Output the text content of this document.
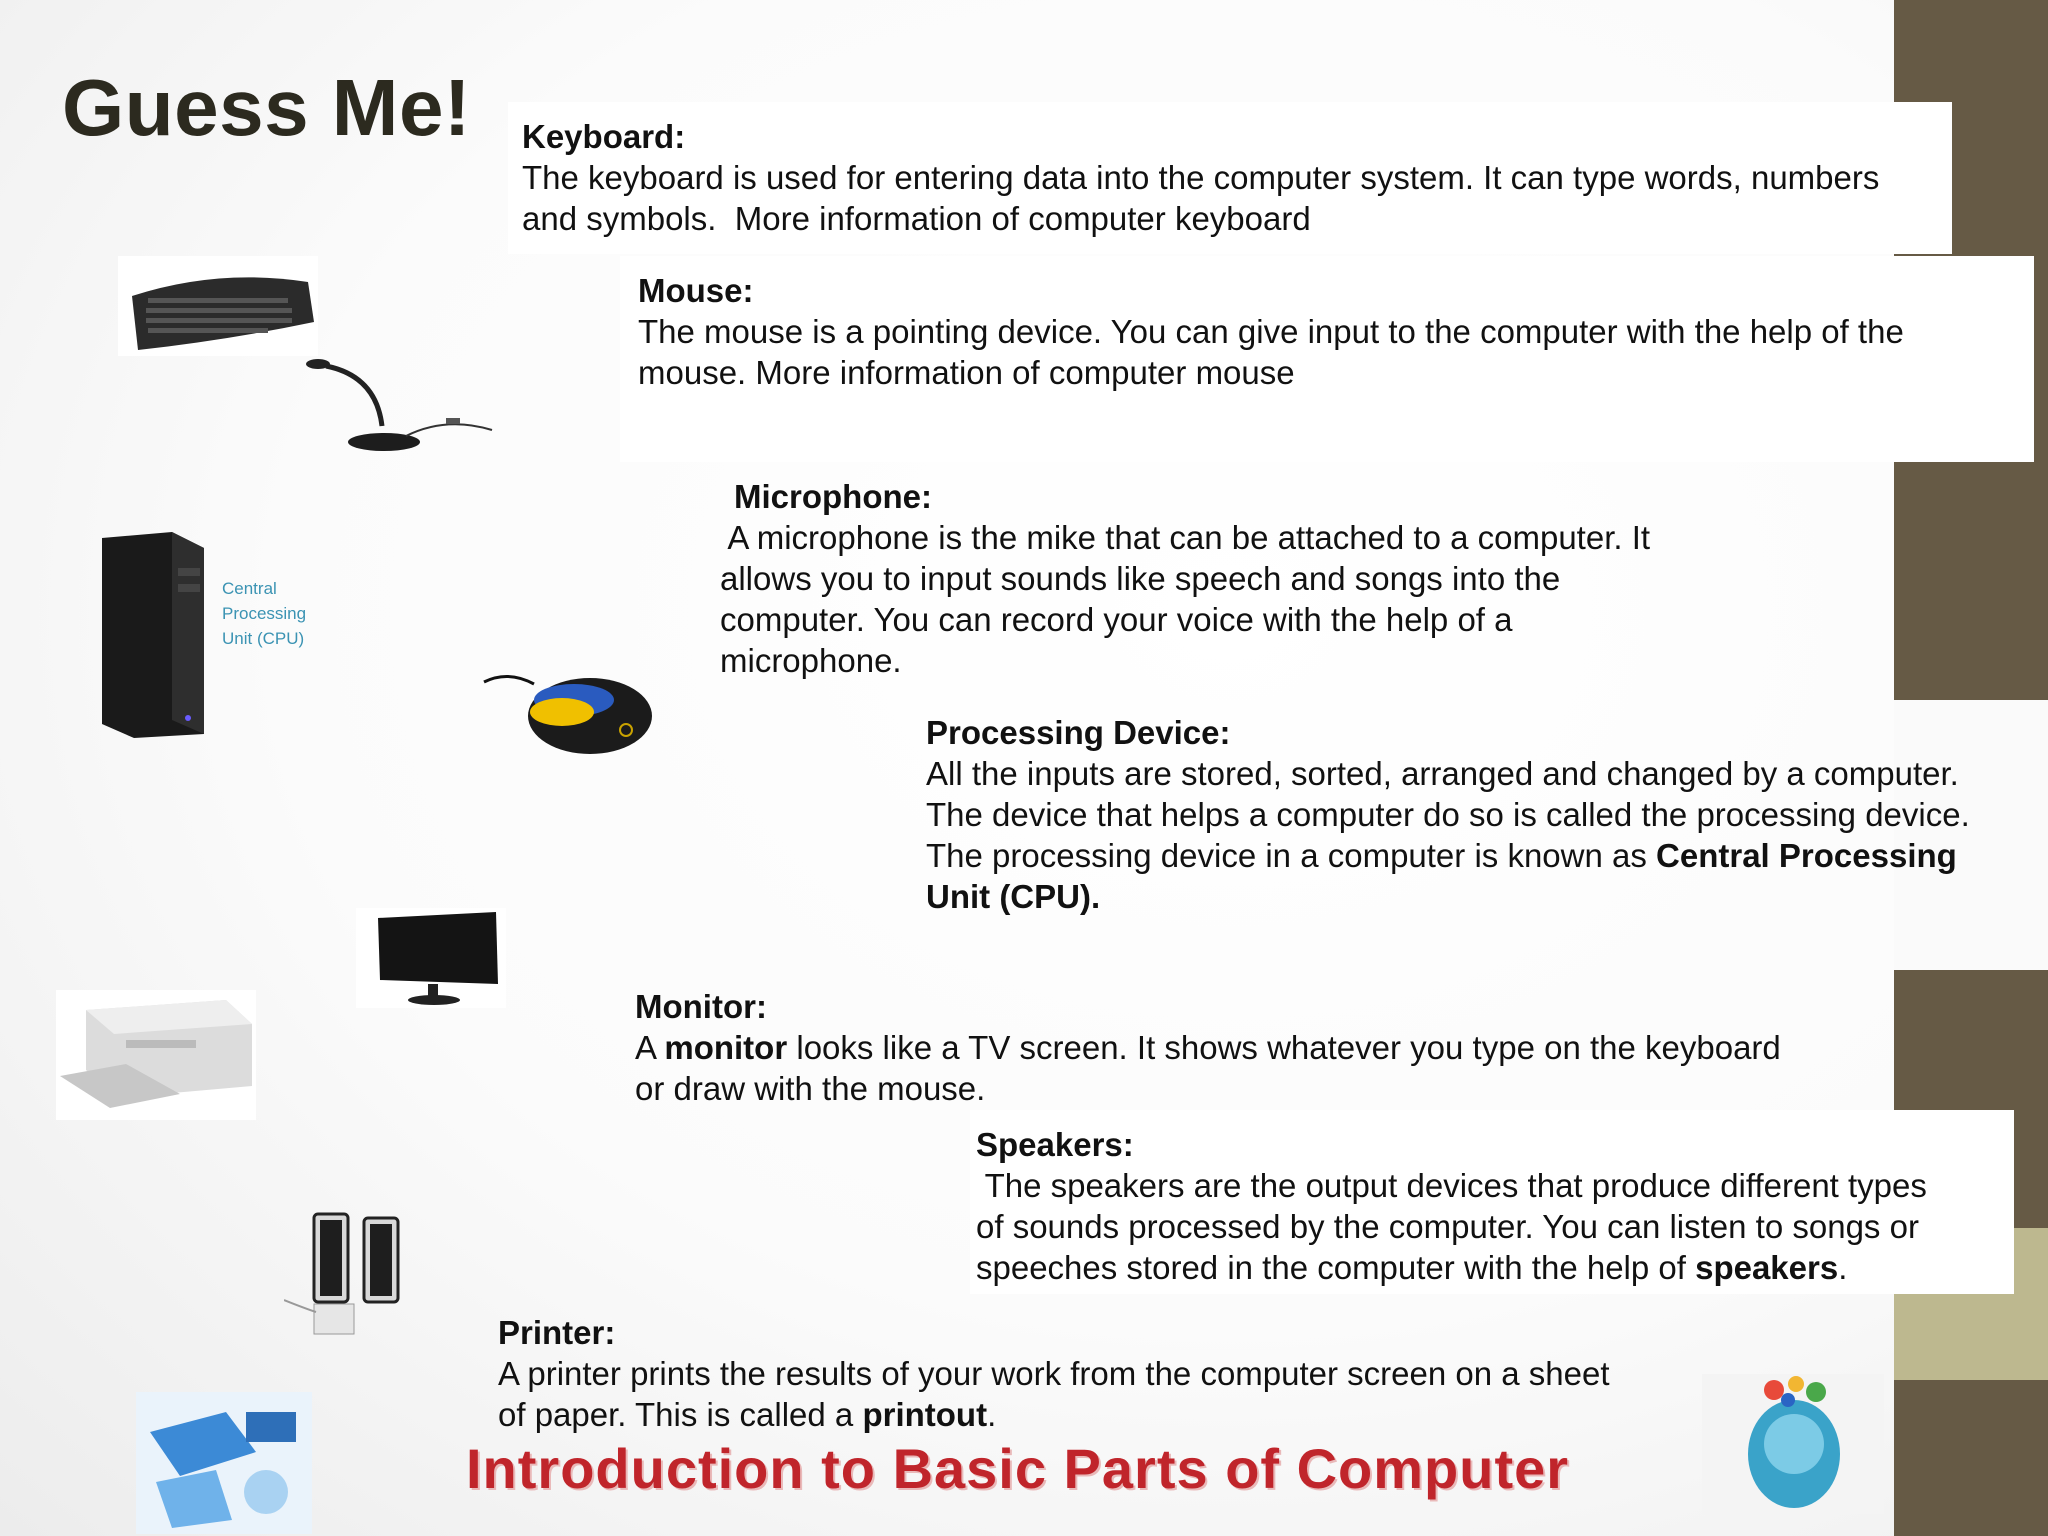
Guess Me! Keyboard:
The keyboard is used for entering data into the computer system. It can type words, numbers
and symbols.  More information of computer keyboard
Mouse:
The mouse is a pointing device. You can give input to the computer with the help of the
mouse. More information of computer mouse
Microphone:
A microphone is the mike that can be attached to a computer. It
allows you to input sounds like speech and songs into the
computer. You can record your voice with the help of a
microphone.
Processing Device:
All the inputs are stored, sorted, arranged and changed by a computer.
The device that helps a computer do so is called the processing device.
The processing device in a computer is known as Central Processing
Unit (CPU).
Monitor:
A monitor looks like a TV screen. It shows whatever you type on the keyboard
or draw with the mouse.
Speakers:
The speakers are the output devices that produce different types
of sounds processed by the computer. You can listen to songs or
speeches stored in the computer with the help of speakers.
Printer:
A printer prints the results of your work from the computer screen on a sheet
of paper. This is called a printout.
Introduction to Basic Parts of Computer
Central
Processing
Unit (CPU)
